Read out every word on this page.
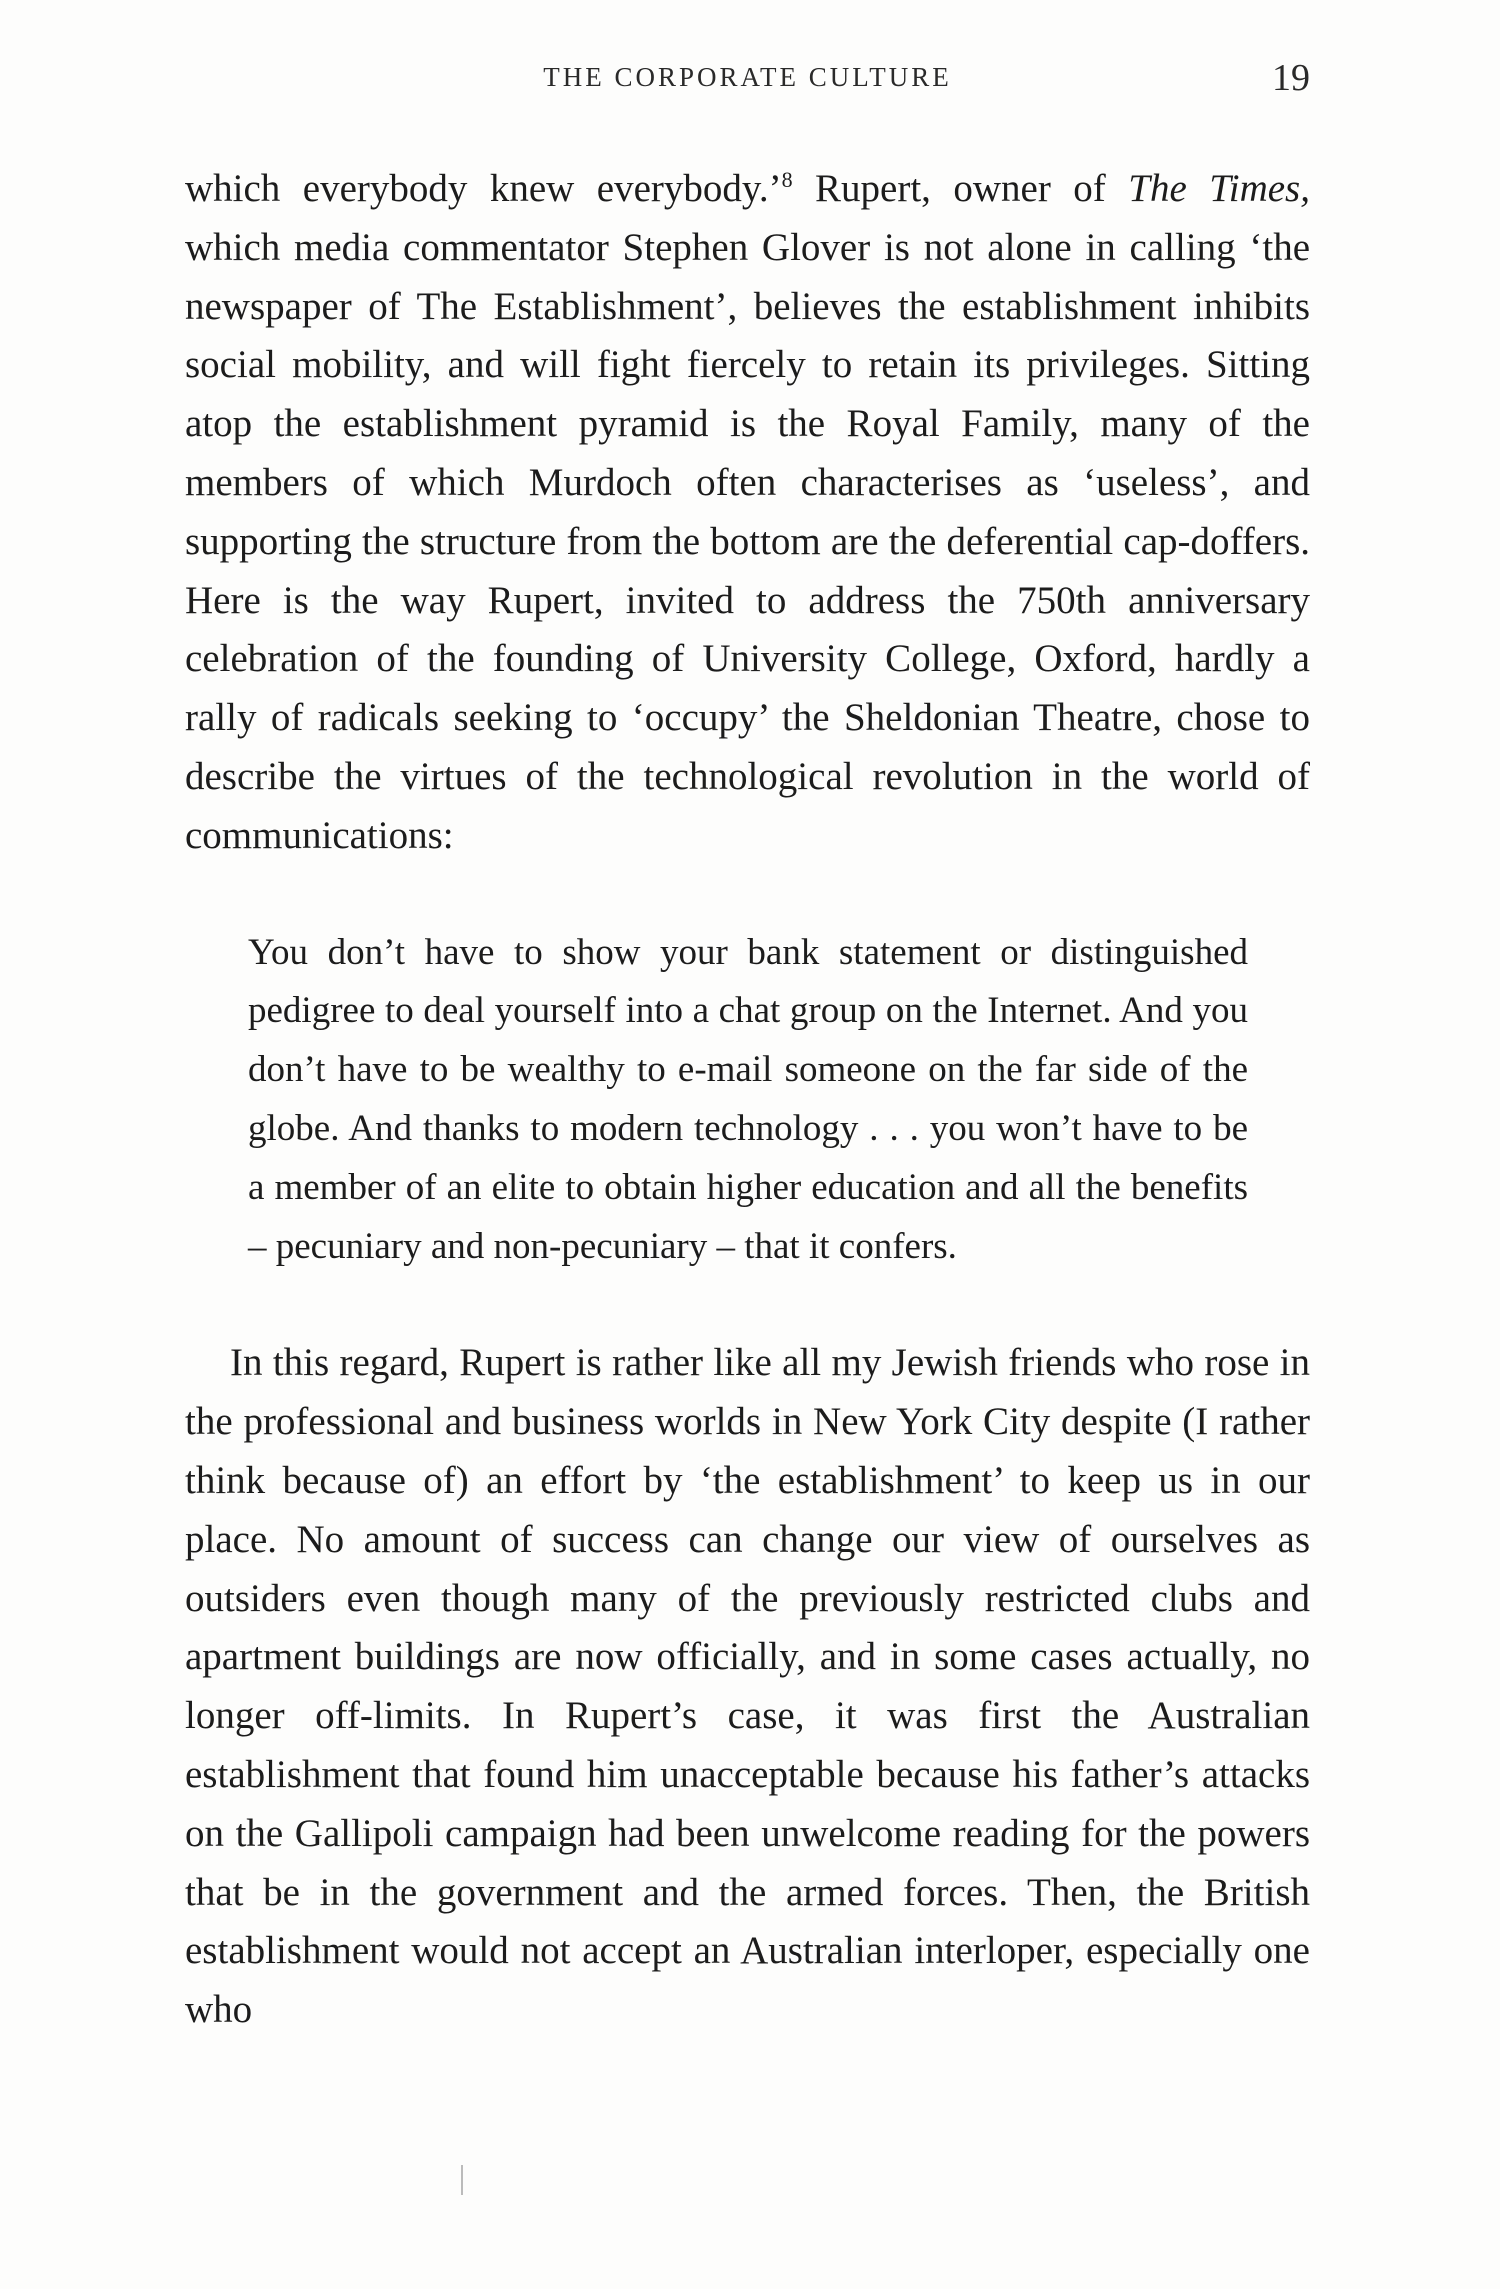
THE CORPORATE CULTURE	19

which everybody knew everybody.’$^8$ Rupert, owner of The Times, which media commentator Stephen Glover is not alone in calling ‘the newspaper of The Establishment’, believes the establishment inhibits social mobility, and will fight fiercely to retain its privileges. Sitting atop the establishment pyramid is the Royal Family, many of the members of which Murdoch often characterises as ‘useless’, and supporting the structure from the bottom are the deferential cap-doffers. Here is the way Rupert, invited to address the 750th anniversary celebration of the founding of University College, Oxford, hardly a rally of radicals seeking to ‘occupy’ the Sheldonian Theatre, chose to describe the virtues of the technological revolution in the world of communications:

You don’t have to show your bank statement or distinguished pedigree to deal yourself into a chat group on the Internet. And you don’t have to be wealthy to e-mail someone on the far side of the globe. And thanks to modern technology . . . you won’t have to be a member of an elite to obtain higher education and all the benefits – pecuniary and non-pecuniary – that it confers.

In this regard, Rupert is rather like all my Jewish friends who rose in the professional and business worlds in New York City despite (I rather think because of) an effort by ‘the establishment’ to keep us in our place. No amount of success can change our view of ourselves as outsiders even though many of the previously restricted clubs and apartment buildings are now officially, and in some cases actually, no longer off-limits. In Rupert’s case, it was first the Australian establishment that found him unacceptable because his father’s attacks on the Gallipoli campaign had been unwelcome reading for the powers that be in the government and the armed forces. Then, the British establishment would not accept an Australian interloper, especially one who
